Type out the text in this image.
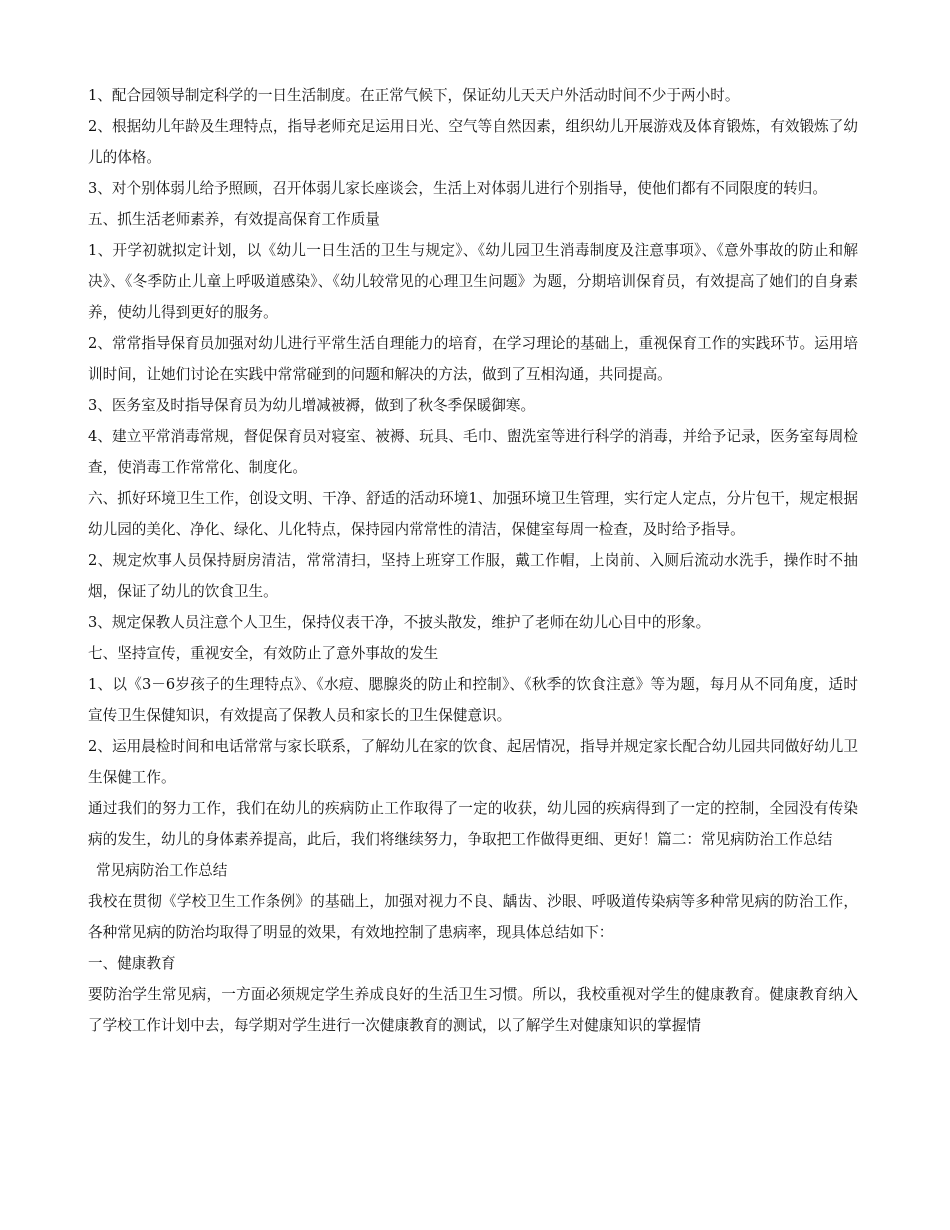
1、配合园领导制定科学的一日生活制度。在正常气候下，保证幼儿天天户外活动时间不少于两小时。

2、根据幼儿年龄及生理特点，指导老师充足运用日光、空气等自然因素，组织幼儿开展游戏及体育锻炼，有效锻炼了幼儿的体格。

3、对个别体弱儿给予照顾，召开体弱儿家长座谈会，生活上对体弱儿进行个别指导，使他们都有不同限度的转归。

五、抓生活老师素养，有效提高保育工作质量

1、开学初就拟定计划，以《幼儿一日生活的卫生与规定》、《幼儿园卫生消毒制度及注意事项》、《意外事故的防止和解决》、《冬季防止儿童上呼吸道感染》、《幼儿较常见的心理卫生问题》为题，分期培训保育员，有效提高了她们的自身素养，使幼儿得到更好的服务。

2、常常指导保育员加强对幼儿进行平常生活自理能力的培育，在学习理论的基础上，重视保育工作的实践环节。运用培训时间，让她们讨论在实践中常常碰到的问题和解决的方法，做到了互相沟通，共同提高。

3、医务室及时指导保育员为幼儿增减被褥，做到了秋冬季保暖御寒。

4、建立平常消毒常规，督促保育员对寝室、被褥、玩具、毛巾、盥洗室等进行科学的消毒，并给予记录，医务室每周检查，使消毒工作常常化、制度化。

六、抓好环境卫生工作，创设文明、干净、舒适的活动环境1、加强环境卫生管理，实行定人定点，分片包干，规定根据幼儿园的美化、净化、绿化、儿化特点，保持园内常常性的清洁，保健室每周一检查，及时给予指导。

2、规定炊事人员保持厨房清洁，常常清扫，坚持上班穿工作服，戴工作帽，上岗前、入厕后流动水洗手，操作时不抽烟，保证了幼儿的饮食卫生。

3、规定保教人员注意个人卫生，保持仪表干净，不披头散发，维护了老师在幼儿心目中的形象。

七、坚持宣传，重视安全，有效防止了意外事故的发生

1、以《3－6岁孩子的生理特点》、《水痘、腮腺炎的防止和控制》、《秋季的饮食注意》等为题，每月从不同角度，适时宣传卫生保健知识，有效提高了保教人员和家长的卫生保健意识。

2、运用晨检时间和电话常常与家长联系，了解幼儿在家的饮食、起居情况，指导并规定家长配合幼儿园共同做好幼儿卫生保健工作。

通过我们的努力工作，我们在幼儿的疾病防止工作取得了一定的收获，幼儿园的疾病得到了一定的控制，全园没有传染病的发生，幼儿的身体素养提高，此后，我们将继续努力，争取把工作做得更细、更好！篇二：常见病防治工作总结

常见病防治工作总结

我校在贯彻《学校卫生工作条例》的基础上，加强对视力不良、龋齿、沙眼、呼吸道传染病等多种常见病的防治工作，各种常见病的防治均取得了明显的效果，有效地控制了患病率，现具体总结如下：

一、健康教育

要防治学生常见病，一方面必须规定学生养成良好的生活卫生习惯。所以，我校重视对学生的健康教育。健康教育纳入了学校工作计划中去，每学期对学生进行一次健康教育的测试，以了解学生对健康知识的掌握情
